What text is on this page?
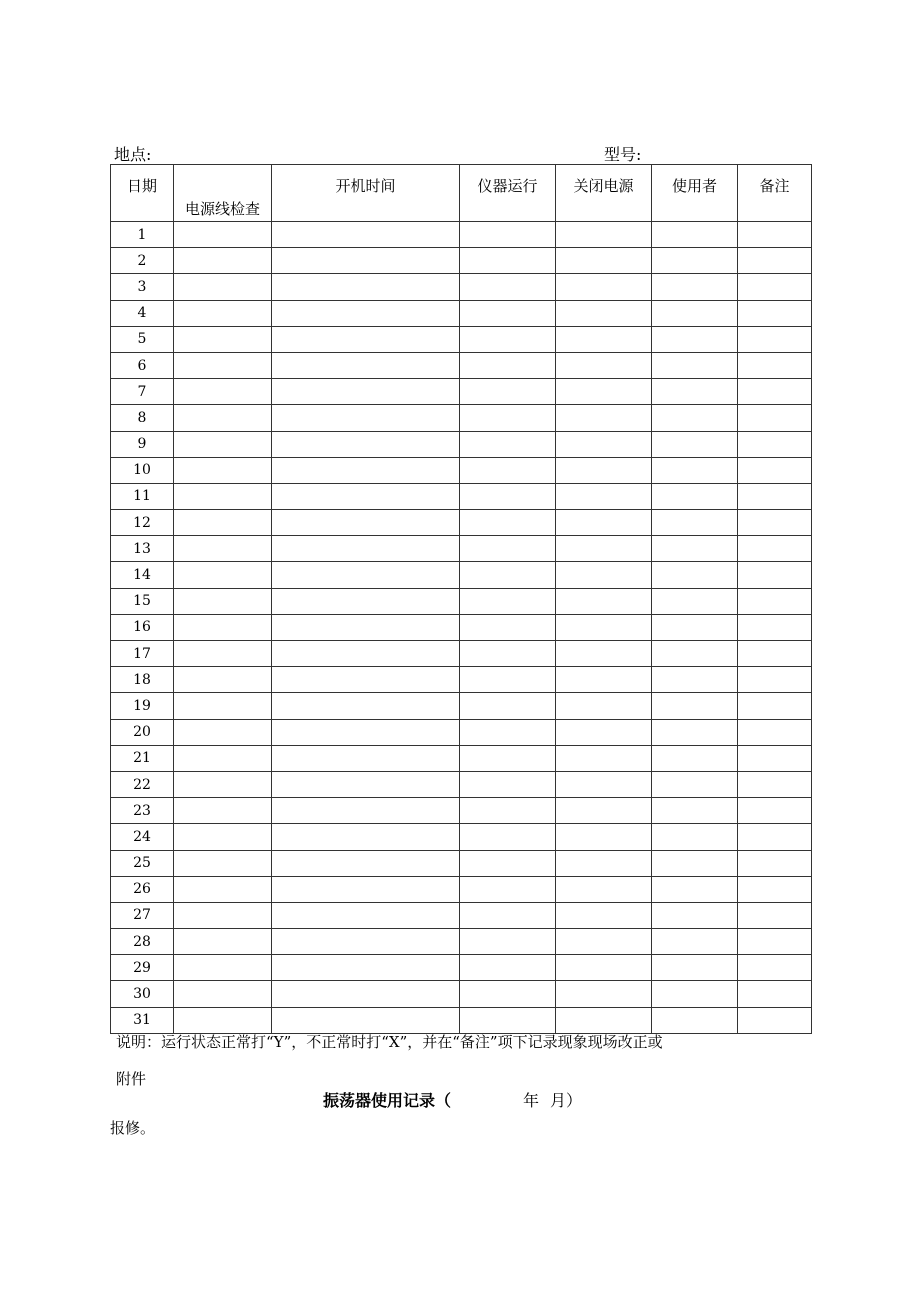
地点:	型号:
日期	电源线检查	开机时间	仪器运行	关闭电源	使用者	备注
1						
2						
3						
4						
5						
6						
7						
8						
9						
10						
11						
12						
13						
14						
15						
16						
17						
18						
19						
20						
21						
22						
23						
24						
25						
26						
27						
28						
29						
30						
31						
说明：运行状态正常打“Y”，不正常时打“X”，并在“备注”项下记录现象现场改正或
附件
振荡器使用记录（	年 月）
报修。
